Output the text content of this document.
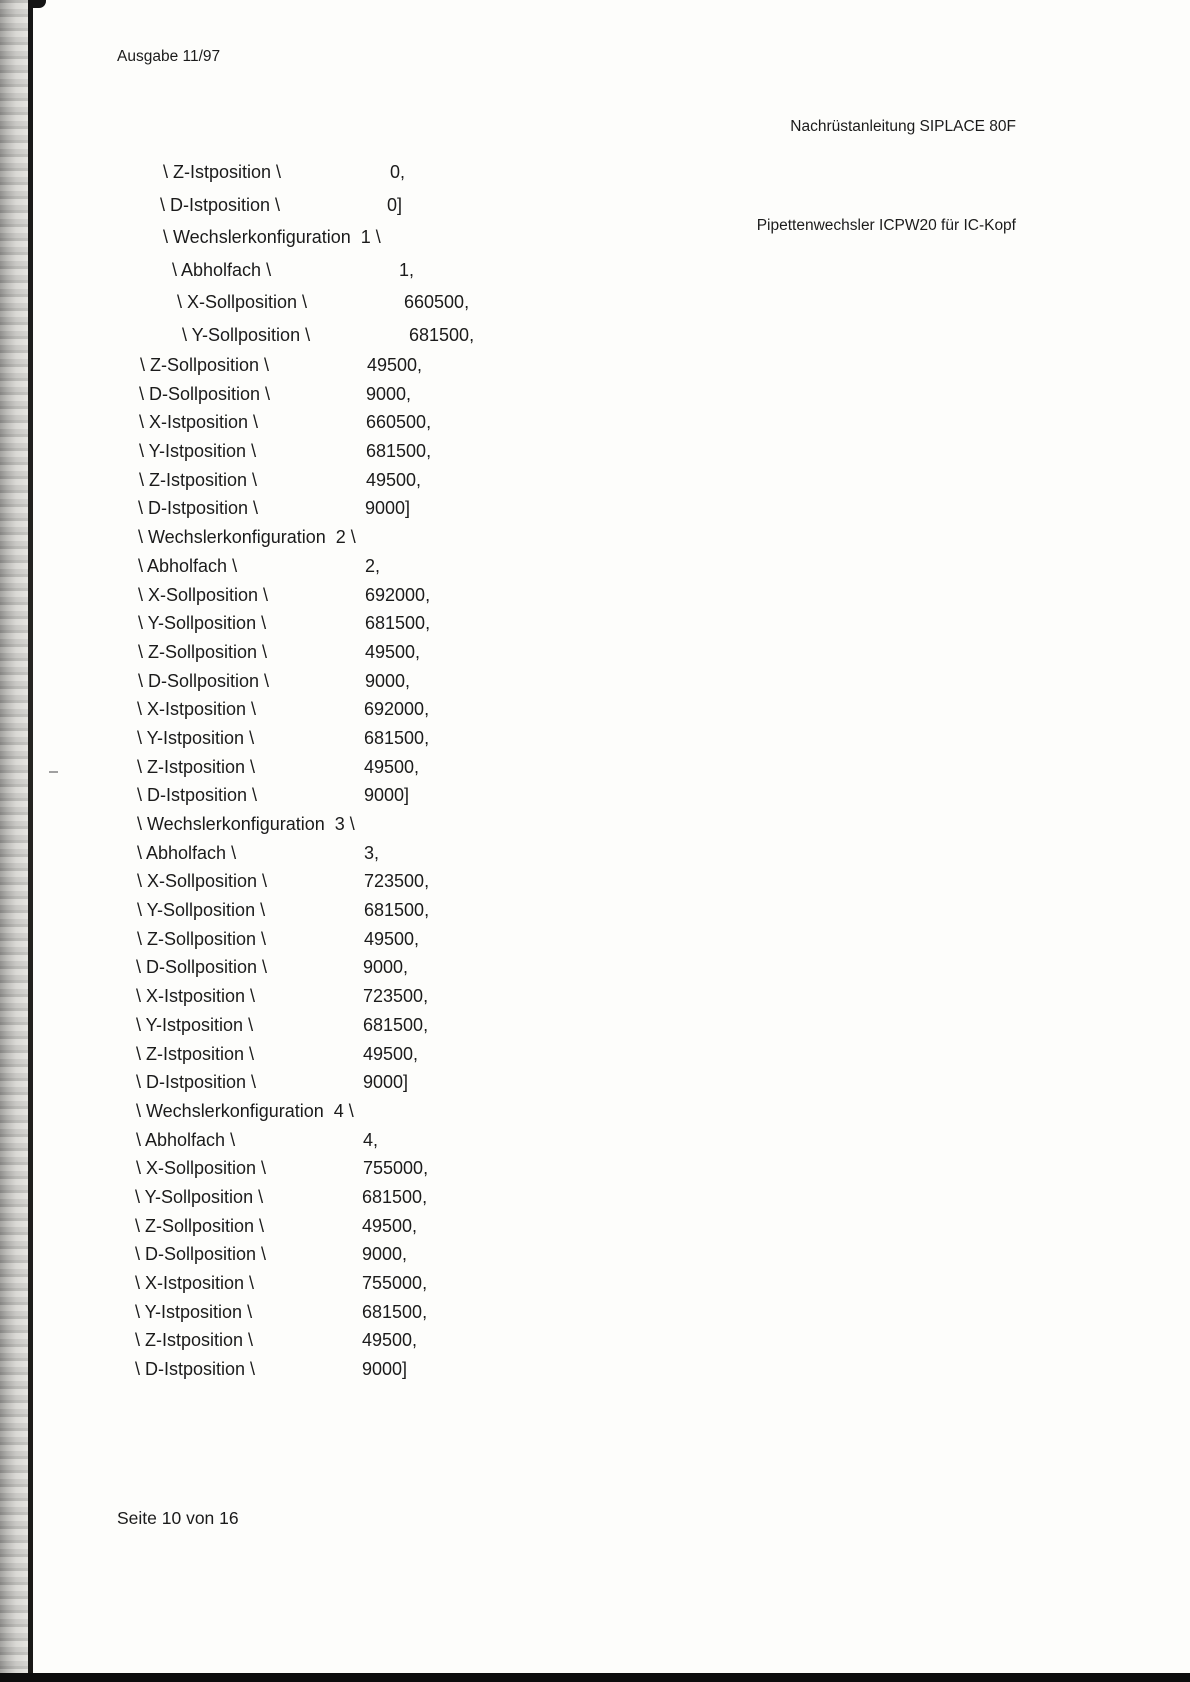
Ausgabe 11/97

Nachrüstanleitung SIPLACE 80F

Pipettenwechsler ICPW20 für IC-Kopf

\ Z-Istposition \	0,
\ D-Istposition \	0]
\ Wechslerkonfiguration  1 \
\ Abholfach \	1,
\ X-Sollposition \	660500,
\ Y-Sollposition \	681500,
\ Z-Sollposition \	49500,
\ D-Sollposition \	9000,
\ X-Istposition \	660500,
\ Y-Istposition \	681500,
\ Z-Istposition \	49500,
\ D-Istposition \	9000]
\ Wechslerkonfiguration  2 \
\ Abholfach \	2,
\ X-Sollposition \	692000,
\ Y-Sollposition \	681500,
\ Z-Sollposition \	49500,
\ D-Sollposition \	9000,
\ X-Istposition \	692000,
\ Y-Istposition \	681500,
\ Z-Istposition \	49500,
\ D-Istposition \	9000]
\ Wechslerkonfiguration  3 \
\ Abholfach \	3,
\ X-Sollposition \	723500,
\ Y-Sollposition \	681500,
\ Z-Sollposition \	49500,
\ D-Sollposition \	9000,
\ X-Istposition \	723500,
\ Y-Istposition \	681500,
\ Z-Istposition \	49500,
\ D-Istposition \	9000]
\ Wechslerkonfiguration  4 \
\ Abholfach \	4,
\ X-Sollposition \	755000,
\ Y-Sollposition \	681500,
\ Z-Sollposition \	49500,
\ D-Sollposition \	9000,
\ X-Istposition \	755000,
\ Y-Istposition \	681500,
\ Z-Istposition \	49500,
\ D-Istposition \	9000]
Seite 10 von 16
